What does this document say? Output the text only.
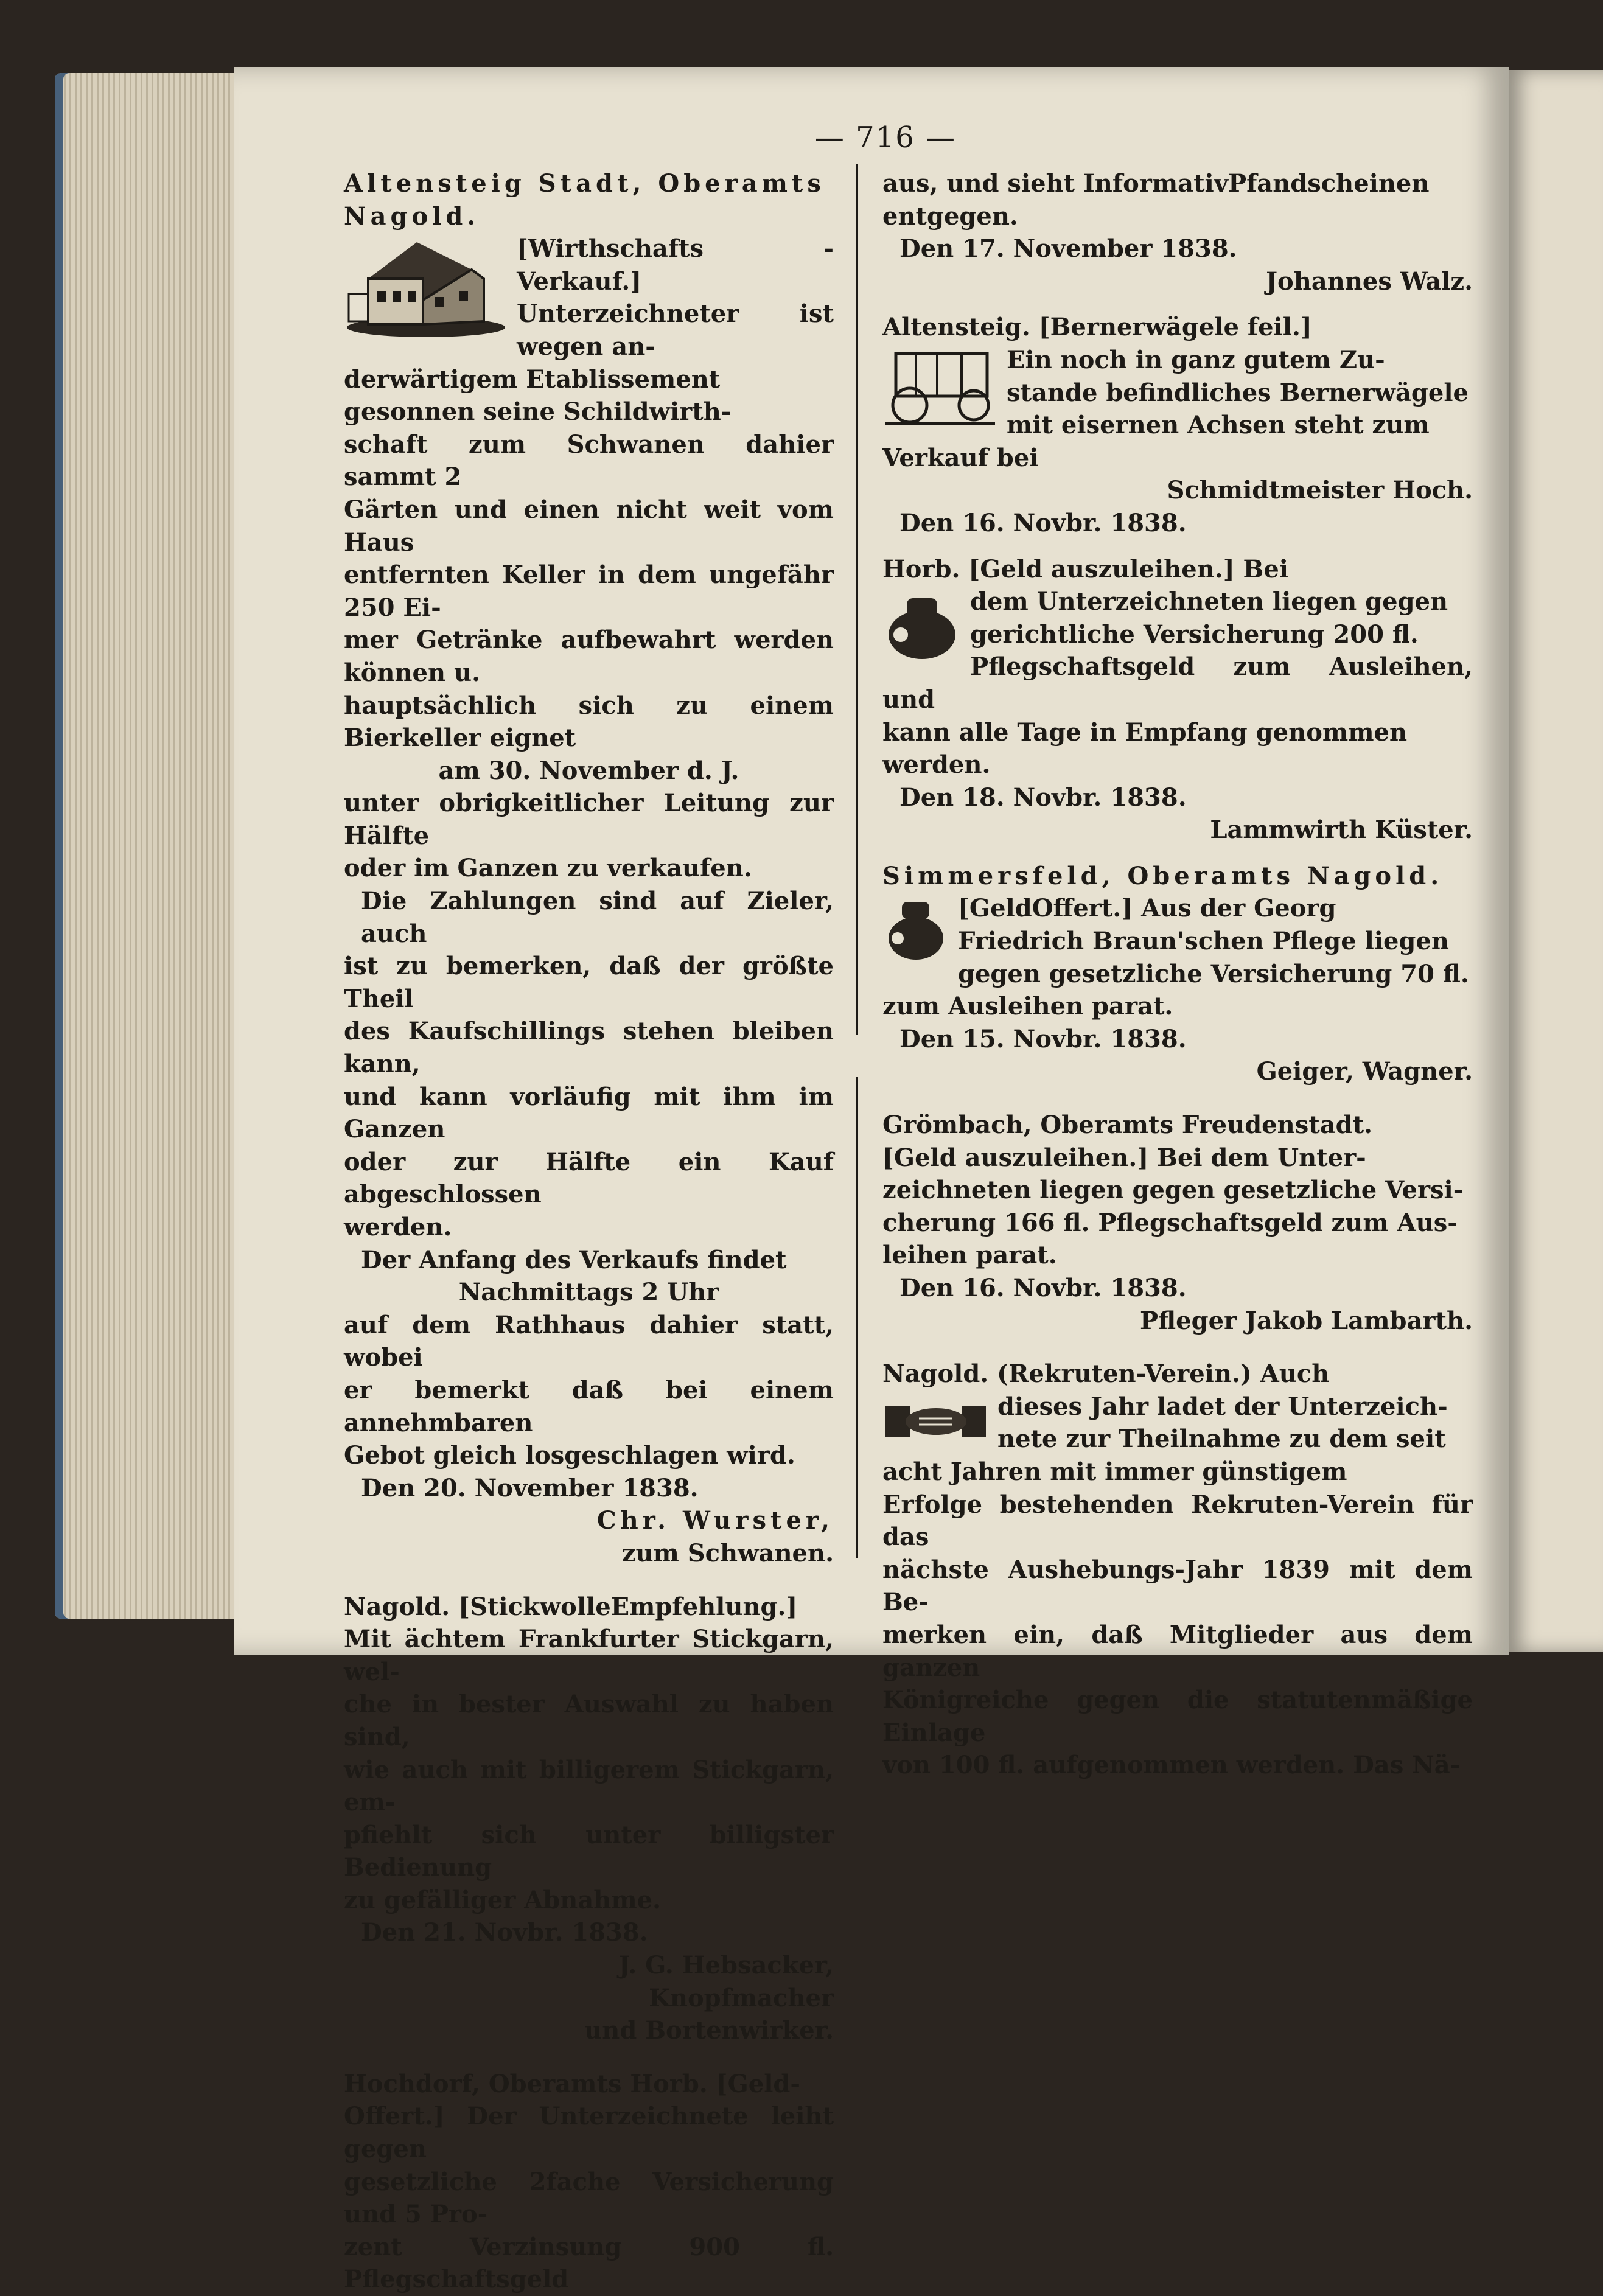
— 716 —

Altensteig Stadt, Oberamts Nagold.

[Wirthschafts - Verkauf.]

Unterzeichneter ist wegen an-

derwärtigem Etablissement

gesonnen seine Schildwirth-

schaft zum Schwanen dahier sammt 2

Gärten und einen nicht weit vom Haus

entfernten Keller in dem ungefähr 250 Ei-

mer Getränke aufbewahrt werden können u.

hauptsächlich sich zu einem Bierkeller eignet

am 30. November d. J.

unter obrigkeitlicher Leitung zur Hälfte

oder im Ganzen zu verkaufen.

Die Zahlungen sind auf Zieler, auch

ist zu bemerken, daß der größte Theil

des Kaufschillings stehen bleiben kann,

und kann vorläufig mit ihm im Ganzen

oder zur Hälfte ein Kauf abgeschlossen

werden.

Der Anfang des Verkaufs findet

Nachmittags 2 Uhr

auf dem Rathhaus dahier statt, wobei

er bemerkt daß bei einem annehmbaren

Gebot gleich losgeschlagen wird.

Den 20. November 1838.

Chr. Wurster,

zum Schwanen.

Nagold. [StickwolleEmpfehlung.]

Mit ächtem Frankfurter Stickgarn, wel-

che in bester Auswahl zu haben sind,

wie auch mit billigerem Stickgarn, em-

pfiehlt sich unter billigster Bedienung

zu gefälliger Abnahme.

Den 21. Novbr. 1838.

J. G. Hebsacker,

Knopfmacher

und Bortenwirker.

Hochdorf, Oberamts Horb. [Geld-

Offert.] Der Unterzeichnete leiht gegen

gesetzliche 2fache Versicherung und 5 Pro-

zent Verzinsung 900 fl. Pflegschaftsgeld

aus, und sieht InformativPfandscheinen

entgegen.

Den 17. November 1838.

Johannes Walz.

Altensteig. [Bernerwägele feil.]

Ein noch in ganz gutem Zu-

stande befindliches Bernerwägele

mit eisernen Achsen steht zum

Verkauf bei

Schmidtmeister Hoch.

Den 16. Novbr. 1838.

Horb. [Geld auszuleihen.] Bei

dem Unterzeichneten liegen gegen

gerichtliche Versicherung 200 fl.

Pflegschaftsgeld zum Ausleihen, und

kann alle Tage in Empfang genommen

werden.

Den 18. Novbr. 1838.

Lammwirth Küster.

Simmersfeld, Oberamts Nagold.

[GeldOffert.] Aus der Georg

Friedrich Braun'schen Pflege liegen

gegen gesetzliche Versicherung 70 fl.

zum Ausleihen parat.

Den 15. Novbr. 1838.

Geiger, Wagner.

Grömbach, Oberamts Freudenstadt.

[Geld auszuleihen.] Bei dem Unter-

zeichneten liegen gegen gesetzliche Versi-

cherung 166 fl. Pflegschaftsgeld zum Aus-

leihen parat.

Den 16. Novbr. 1838.

Pfleger Jakob Lambarth.

Nagold. (Rekruten-Verein.) Auch

dieses Jahr ladet der Unterzeich-

nete zur Theilnahme zu dem seit

acht Jahren mit immer günstigem

Erfolge bestehenden Rekruten-Verein für das

nächste Aushebungs-Jahr 1839 mit dem Be-

merken ein, daß Mitglieder aus dem ganzen

Königreiche gegen die statutenmäßige Einlage

von 100 fl. aufgenommen werden. Das Nä-
